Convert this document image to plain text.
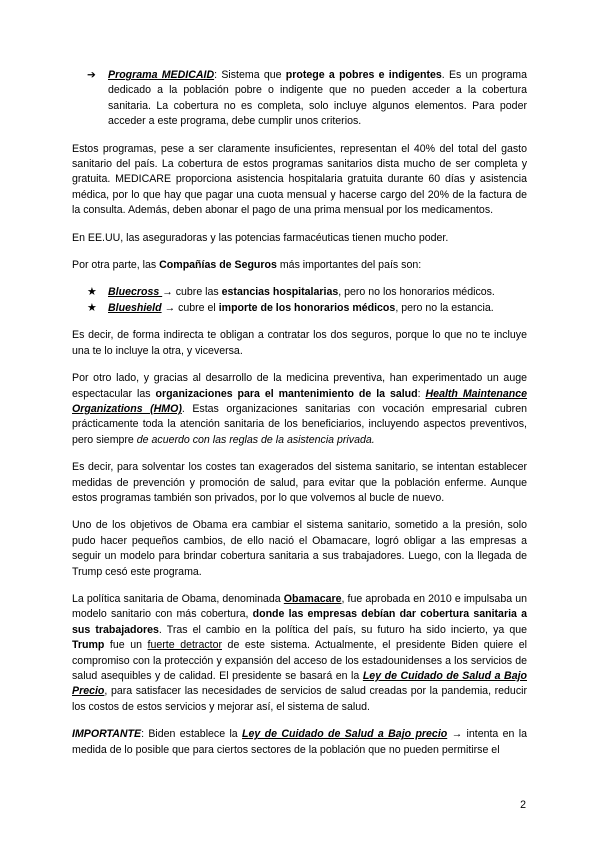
➔ Programa MEDICAID: Sistema que protege a pobres e indigentes. Es un programa dedicado a la población pobre o indigente que no pueden acceder a la cobertura sanitaria. La cobertura no es completa, solo incluye algunos elementos. Para poder acceder a este programa, debe cumplir unos criterios.

Estos programas, pese a ser claramente insuficientes, representan el 40% del total del gasto sanitario del país. La cobertura de estos programas sanitarios dista mucho de ser completa y gratuita. MEDICARE proporciona asistencia hospitalaria gratuita durante 60 días y asistencia médica, por lo que hay que pagar una cuota mensual y hacerse cargo del 20% de la factura de la consulta. Además, deben abonar el pago de una prima mensual por los medicamentos.

En EE.UU, las aseguradoras y las potencias farmacéuticas tienen mucho poder.

Por otra parte, las Compañías de Seguros más importantes del país son:

★ Bluecross → cubre las estancias hospitalarias, pero no los honorarios médicos.
★ Blueshield → cubre el importe de los honorarios médicos, pero no la estancia.

Es decir, de forma indirecta te obligan a contratar los dos seguros, porque lo que no te incluye una te lo incluye la otra, y viceversa.

Por otro lado, y gracias al desarrollo de la medicina preventiva, han experimentado un auge espectacular las organizaciones para el mantenimiento de la salud: Health Maintenance Organizations (HMO). Estas organizaciones sanitarias con vocación empresarial cubren prácticamente toda la atención sanitaria de los beneficiarios, incluyendo aspectos preventivos, pero siempre de acuerdo con las reglas de la asistencia privada.

Es decir, para solventar los costes tan exagerados del sistema sanitario, se intentan establecer medidas de prevención y promoción de salud, para evitar que la población enferme. Aunque estos programas también son privados, por lo que volvemos al bucle de nuevo.

Uno de los objetivos de Obama era cambiar el sistema sanitario, sometido a la presión, solo pudo hacer pequeños cambios, de ello nació el Obamacare, logró obligar a las empresas a seguir un modelo para brindar cobertura sanitaria a sus trabajadores. Luego, con la llegada de Trump cesó este programa.

La política sanitaria de Obama, denominada Obamacare, fue aprobada en 2010 e impulsaba un modelo sanitario con más cobertura, donde las empresas debían dar cobertura sanitaria a sus trabajadores. Tras el cambio en la política del país, su futuro ha sido incierto, ya que Trump fue un fuerte detractor de este sistema. Actualmente, el presidente Biden quiere el compromiso con la protección y expansión del acceso de los estadounidenses a los servicios de salud asequibles y de calidad. El presidente se basará en la Ley de Cuidado de Salud a Bajo Precio, para satisfacer las necesidades de servicios de salud creadas por la pandemia, reducir los costos de estos servicios y mejorar así, el sistema de salud.

IMPORTANTE: Biden establece la Ley de Cuidado de Salud a Bajo precio → intenta en la medida de lo posible que para ciertos sectores de la población que no pueden permitirse el

2
